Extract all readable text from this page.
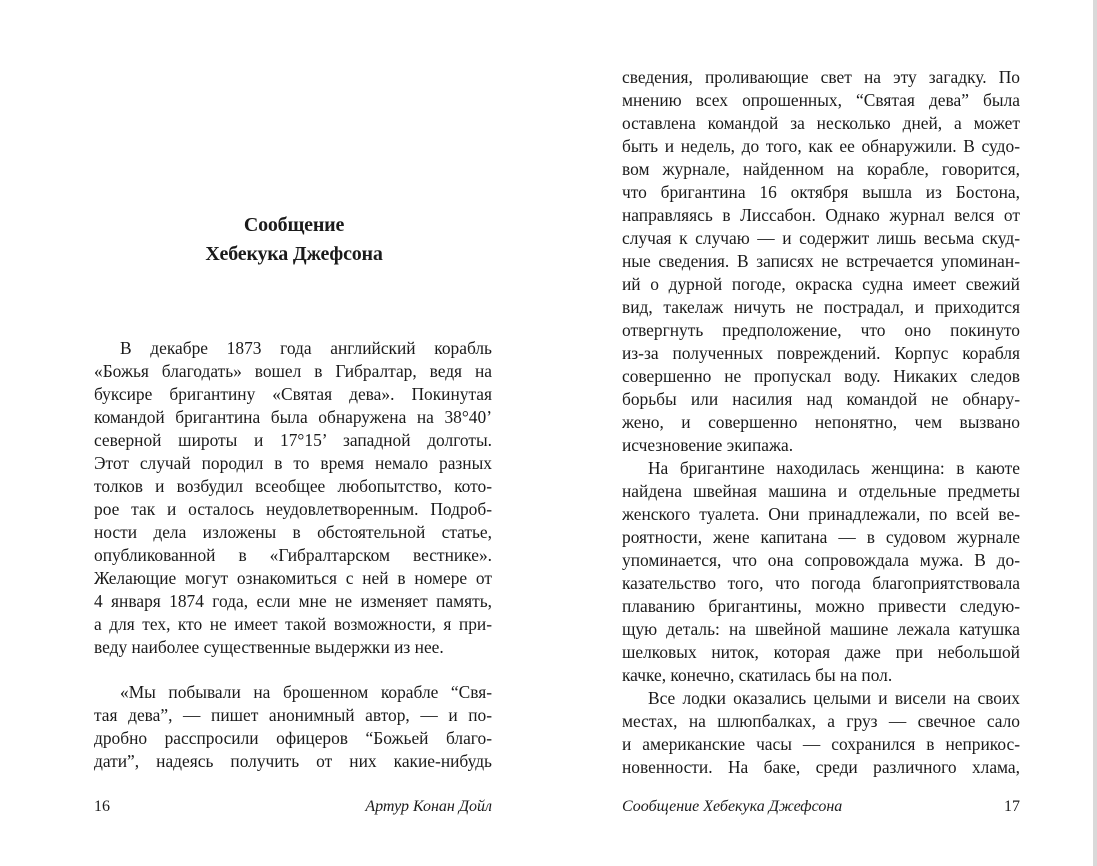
Сообщение
Хебекука Джефсона
В декабре 1873 года английский корабль
«Божья благодать» вошел в Гибралтар, ведя на
буксире бригантину «Святая дева». Покинутая
командой бригантина была обнаружена на 38°40’
северной широты и 17°15’ западной долготы.
Этот случай породил в то время немало разных
толков и возбудил всеобщее любопытство, кото-
рое так и осталось неудовлетворенным. Подроб-
ности дела изложены в обстоятельной статье,
опубликованной в «Гибралтарском вестнике».
Желающие могут ознакомиться с ней в номере от
4 января 1874 года, если мне не изменяет память,
а для тех, кто не имеет такой возможности, я при-
веду наиболее существенные выдержки из нее.
«Мы побывали на брошенном корабле “Свя-
тая дева”, — пишет анонимный автор, — и по-
дробно расспросили офицеров “Божьей благо-
дати”, надеясь получить от них какие-нибудь
16	Артур Конан Дойл
сведения, проливающие свет на эту загадку. По
мнению всех опрошенных, “Святая дева” была
оставлена командой за несколько дней, а может
быть и недель, до того, как ее обнаружили. В судо-
вом журнале, найденном на корабле, говорится,
что бригантина 16 октября вышла из Бостона,
направляясь в Лиссабон. Однако журнал велся от
случая к случаю — и содержит лишь весьма скуд-
ные сведения. В записях не встречается упоминан-
ий о дурной погоде, окраска судна имеет свежий
вид, такелаж ничуть не пострадал, и приходится
отвергнуть предположение, что оно покинуто
из-за полученных повреждений. Корпус корабля
совершенно не пропускал воду. Никаких следов
борьбы или насилия над командой не обнару-
жено, и совершенно непонятно, чем вызвано
исчезновение экипажа.
На бригантине находилась женщина: в каюте
найдена швейная машина и отдельные предметы
женского туалета. Они принадлежали, по всей ве-
роятности, жене капитана — в судовом журнале
упоминается, что она сопровождала мужа. В до-
казательство того, что погода благоприятствовала
плаванию бригантины, можно привести следую-
щую деталь: на швейной машине лежала катушка
шелковых ниток, которая даже при небольшой
качке, конечно, скатилась бы на пол.
Все лодки оказались целыми и висели на своих
местах, на шлюпбалках, а груз — свечное сало
и американские часы — сохранился в неприкос-
новенности. На баке, среди различного хлама,
Сообщение Хебекука Джефсона	17
